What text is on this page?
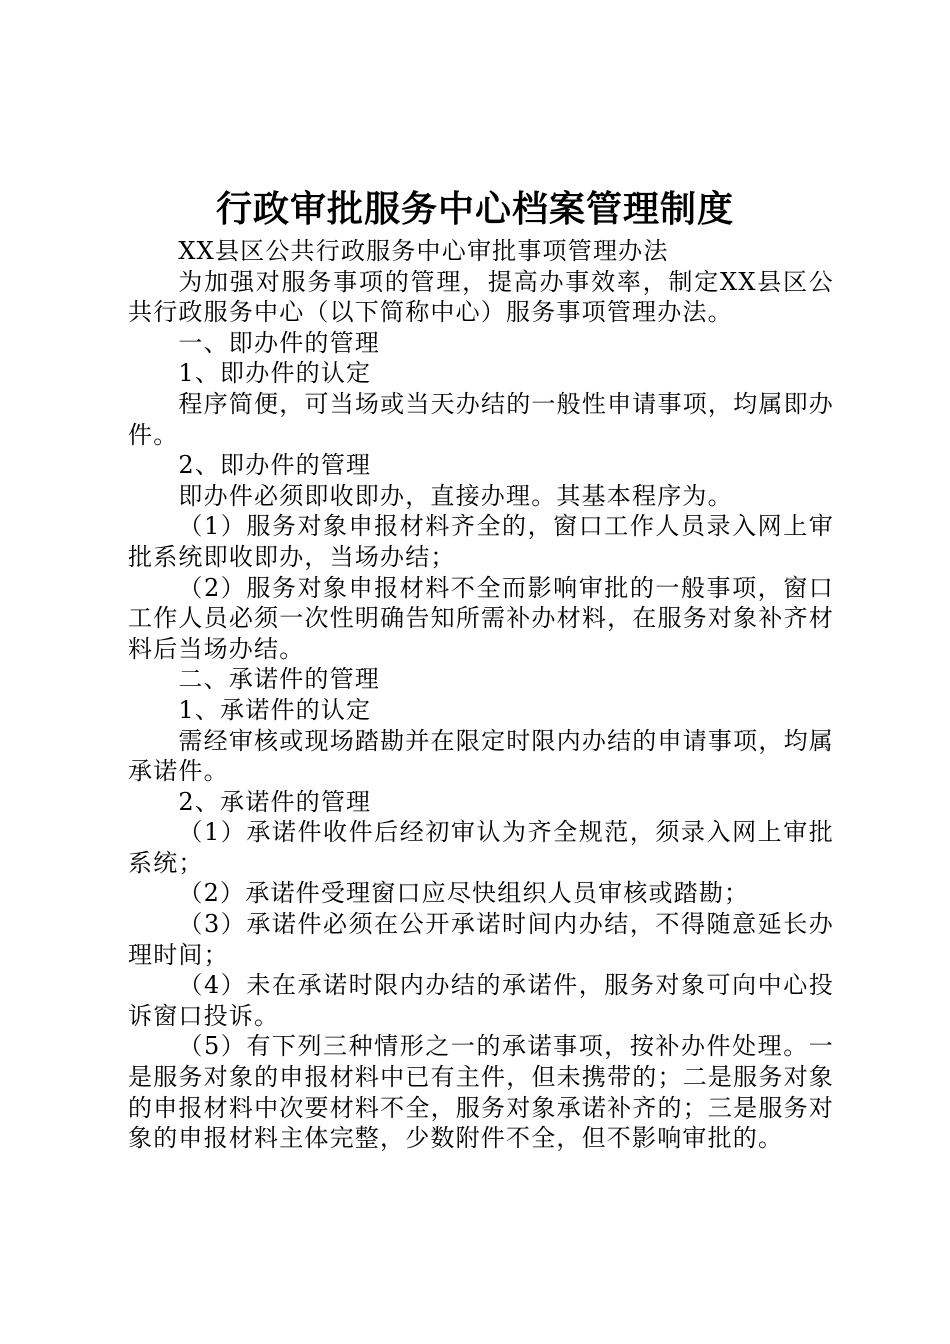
行政审批服务中心档案管理制度

XX县区公共行政服务中心审批事项管理办法

为加强对服务事项的管理，提高办事效率，制定XX县区公共行政服务中心（以下简称中心）服务事项管理办法。

一、即办件的管理

1、即办件的认定

程序简便，可当场或当天办结的一般性申请事项，均属即办件。

2、即办件的管理

即办件必须即收即办，直接办理。其基本程序为。

（1）服务对象申报材料齐全的，窗口工作人员录入网上审批系统即收即办，当场办结；

（2）服务对象申报材料不全而影响审批的一般事项，窗口工作人员必须一次性明确告知所需补办材料，在服务对象补齐材料后当场办结。

二、承诺件的管理

1、承诺件的认定

需经审核或现场踏勘并在限定时限内办结的申请事项，均属承诺件。

2、承诺件的管理

（1）承诺件收件后经初审认为齐全规范，须录入网上审批系统；

（2）承诺件受理窗口应尽快组织人员审核或踏勘；

（3）承诺件必须在公开承诺时间内办结，不得随意延长办理时间；

（4）未在承诺时限内办结的承诺件，服务对象可向中心投诉窗口投诉。

（5）有下列三种情形之一的承诺事项，按补办件处理。一是服务对象的申报材料中已有主件，但未携带的；二是服务对象的申报材料中次要材料不全，服务对象承诺补齐的；三是服务对象的申报材料主体完整，少数附件不全，但不影响审批的。
